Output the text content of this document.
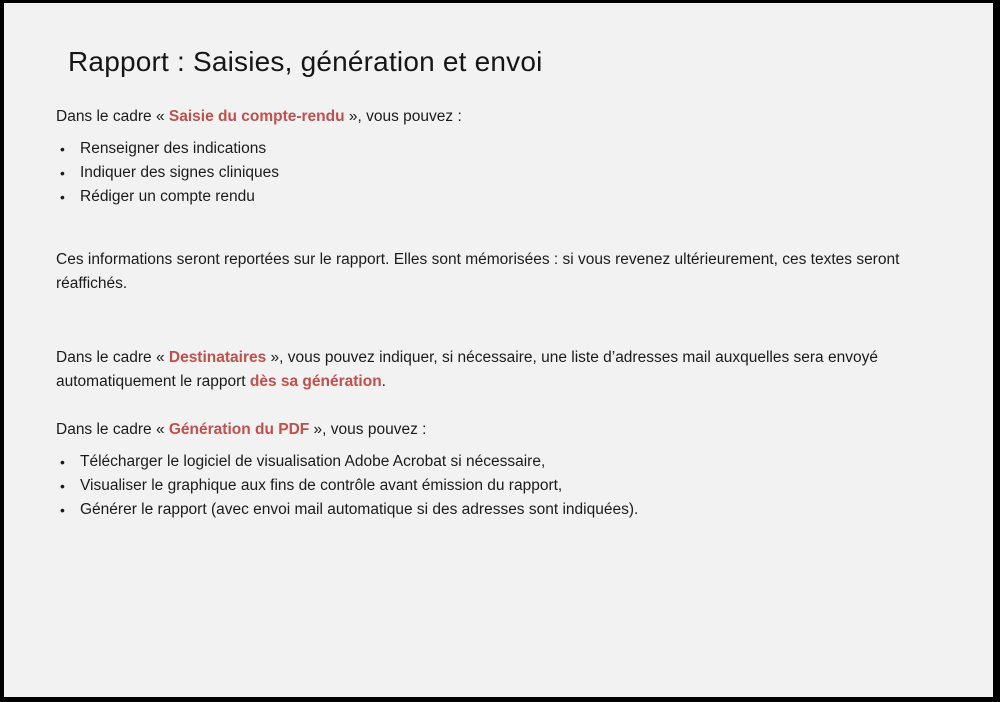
Rapport : Saisies, génération et envoi

Dans le cadre « Saisie du compte-rendu », vous pouvez :

• Renseigner des indications
• Indiquer des signes cliniques
• Rédiger un compte rendu

Ces informations seront reportées sur le rapport. Elles sont mémorisées : si vous revenez ultérieurement, ces textes seront réaffichés.

Dans le cadre « Destinataires », vous pouvez indiquer, si nécessaire, une liste d’adresses mail auxquelles sera envoyé automatiquement le rapport dès sa génération.

Dans le cadre « Génération du PDF », vous pouvez :

• Télécharger le logiciel de visualisation Adobe Acrobat si nécessaire,
• Visualiser le graphique aux fins de contrôle avant émission du rapport,
• Générer le rapport (avec envoi mail automatique si des adresses sont indiquées).
